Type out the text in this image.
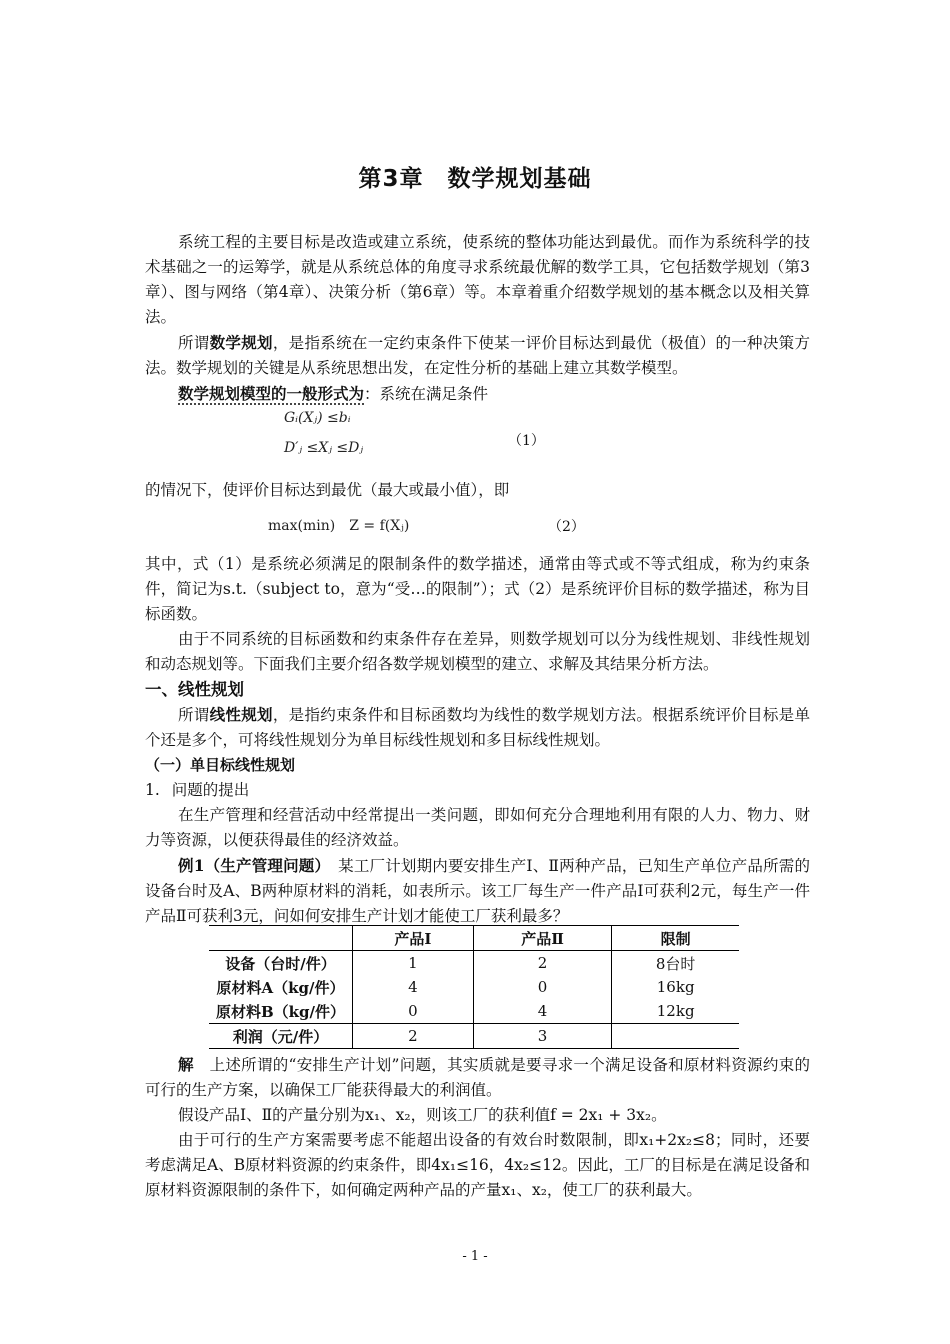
第3章　数学规划基础

系统工程的主要目标是改造或建立系统，使系统的整体功能达到最优。而作为系统科学的技术基础之一的运筹学，就是从系统总体的角度寻求系统最优解的数学工具，它包括数学规划（第3章）、图与网络（第4章）、决策分析（第6章）等。本章着重介绍数学规划的基本概念以及相关算法。

所谓数学规划，是指系统在一定约束条件下使某一评价目标达到最优（极值）的一种决策方法。数学规划的关键是从系统思想出发，在定性分析的基础上建立其数学模型。

数学规划模型的一般形式为：系统在满足条件

Gᵢ(Xⱼ) ≤bᵢ
D′ⱼ ≤Xⱼ ≤Dⱼ	（1）

的情况下，使评价目标达到最优（最大或最小值），即

max(min)　Z = f(Xⱼ)	（2）

其中，式（1）是系统必须满足的限制条件的数学描述，通常由等式或不等式组成，称为约束条件，简记为s.t.（subject to，意为“受…的限制”）；式（2）是系统评价目标的数学描述，称为目标函数。

由于不同系统的目标函数和约束条件存在差异，则数学规划可以分为线性规划、非线性规划和动态规划等。下面我们主要介绍各数学规划模型的建立、求解及其结果分析方法。

一、线性规划

所谓线性规划，是指约束条件和目标函数均为线性的数学规划方法。根据系统评价目标是单个还是多个，可将线性规划分为单目标线性规划和多目标线性规划。

（一）单目标线性规划

1. 问题的提出

在生产管理和经营活动中经常提出一类问题，即如何充分合理地利用有限的人力、物力、财力等资源，以便获得最佳的经济效益。

例1（生产管理问题）　某工厂计划期内要安排生产Ⅰ、Ⅱ两种产品，已知生产单位产品所需的设备台时及A、B两种原材料的消耗，如表所示。该工厂每生产一件产品Ⅰ可获利2元，每生产一件产品Ⅱ可获利3元，问如何安排生产计划才能使工厂获利最多？

	产品Ⅰ	产品Ⅱ	限制
设备（台时/件）	1	2	8台时
原材料A（kg/件）	4	0	16kg
原材料B（kg/件）	0	4	12kg
利润（元/件）	2	3	

解　上述所谓的“安排生产计划”问题，其实质就是要寻求一个满足设备和原材料资源约束的可行的生产方案，以确保工厂能获得最大的利润值。

假设产品Ⅰ、Ⅱ的产量分别为x₁、x₂，则该工厂的获利值f = 2x₁ + 3x₂。

由于可行的生产方案需要考虑不能超出设备的有效台时数限制，即x₁+2x₂≤8；同时，还要考虑满足A、B原材料资源的约束条件，即4x₁≤16，4x₂≤12。因此，工厂的目标是在满足设备和原材料资源限制的条件下，如何确定两种产品的产量x₁、x₂，使工厂的获利最大。

- 1 -
